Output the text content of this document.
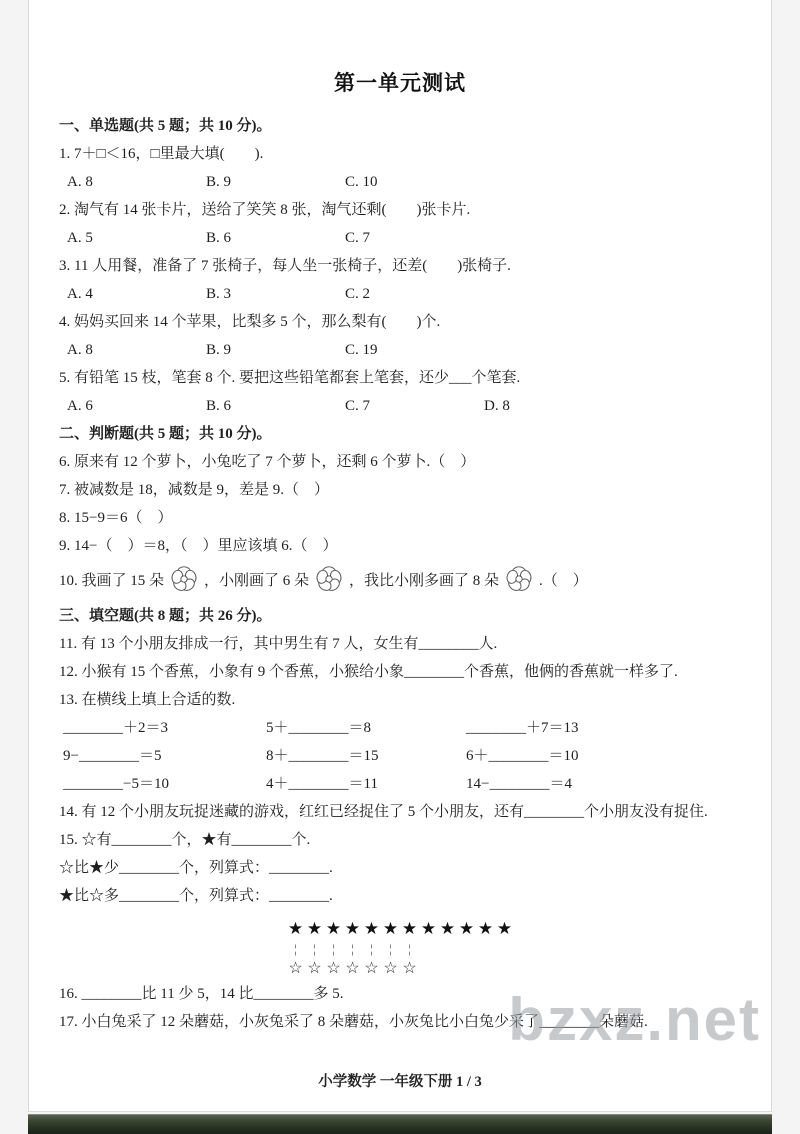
bzxz.net
第一单元测试
一、单选题(共 5 题；共 10 分)。
1. 7＋□＜16，□里最大填(　　).
A. 8	B. 9	C. 10
2. 淘气有 14 张卡片，送给了笑笑 8 张，淘气还剩(　　)张卡片.
A. 5	B. 6	C. 7
3. 11 人用餐，准备了 7 张椅子，每人坐一张椅子，还差(　　)张椅子.
A. 4	B. 3	C. 2
4. 妈妈买回来 14 个苹果，比梨多 5 个，那么梨有(　　)个.
A. 8	B. 9	C. 19
5. 有铅笔 15 枝，笔套 8 个. 要把这些铅笔都套上笔套，还少___个笔套.
A. 6	B. 6	C. 7	D. 8
二、判断题(共 5 题；共 10 分)。
6. 原来有 12 个萝卜，小兔吃了 7 个萝卜，还剩 6 个萝卜.（　）
7. 被减数是 18，减数是 9，差是 9.（　）
8. 15−9＝6（　）
9. 14−（　）＝8，（　）里应该填 6.（　）
10. 我画了 15 朵	，小刚画了 6 朵	，我比小刚多画了 8 朵	.（　）
三、填空题(共 8 题；共 26 分)。
11. 有 13 个小朋友排成一行，其中男生有 7 人，女生有________人.
12. 小猴有 15 个香蕉，小象有 9 个香蕉，小猴给小象________个香蕉，他俩的香蕉就一样多了.
13. 在横线上填上合适的数.
________＋2＝3	5＋________＝8	________＋7＝13
9−________＝5	8＋________＝15	6＋________＝10
________−5＝10	4＋________＝11	14−________＝4
14. 有 12 个小朋友玩捉迷藏的游戏，红红已经捉住了 5 个小朋友，还有________个小朋友没有捉住.
15. ☆有________个，★有________个.
☆比★少________个，列算式：________.
★比☆多________个，列算式：________.
★ ★ ★ ★ ★ ★ ★ ★ ★ ★ ★ ★
¦ ¦ ¦ ¦ ¦ ¦ ¦
☆ ☆ ☆ ☆ ☆ ☆ ☆
16. ________比 11 少 5，14 比________多 5.
17. 小白兔采了 12 朵蘑菇，小灰兔采了 8 朵蘑菇，小灰兔比小白兔少采了________朵蘑菇.
小学数学 一年级下册 1 / 3
